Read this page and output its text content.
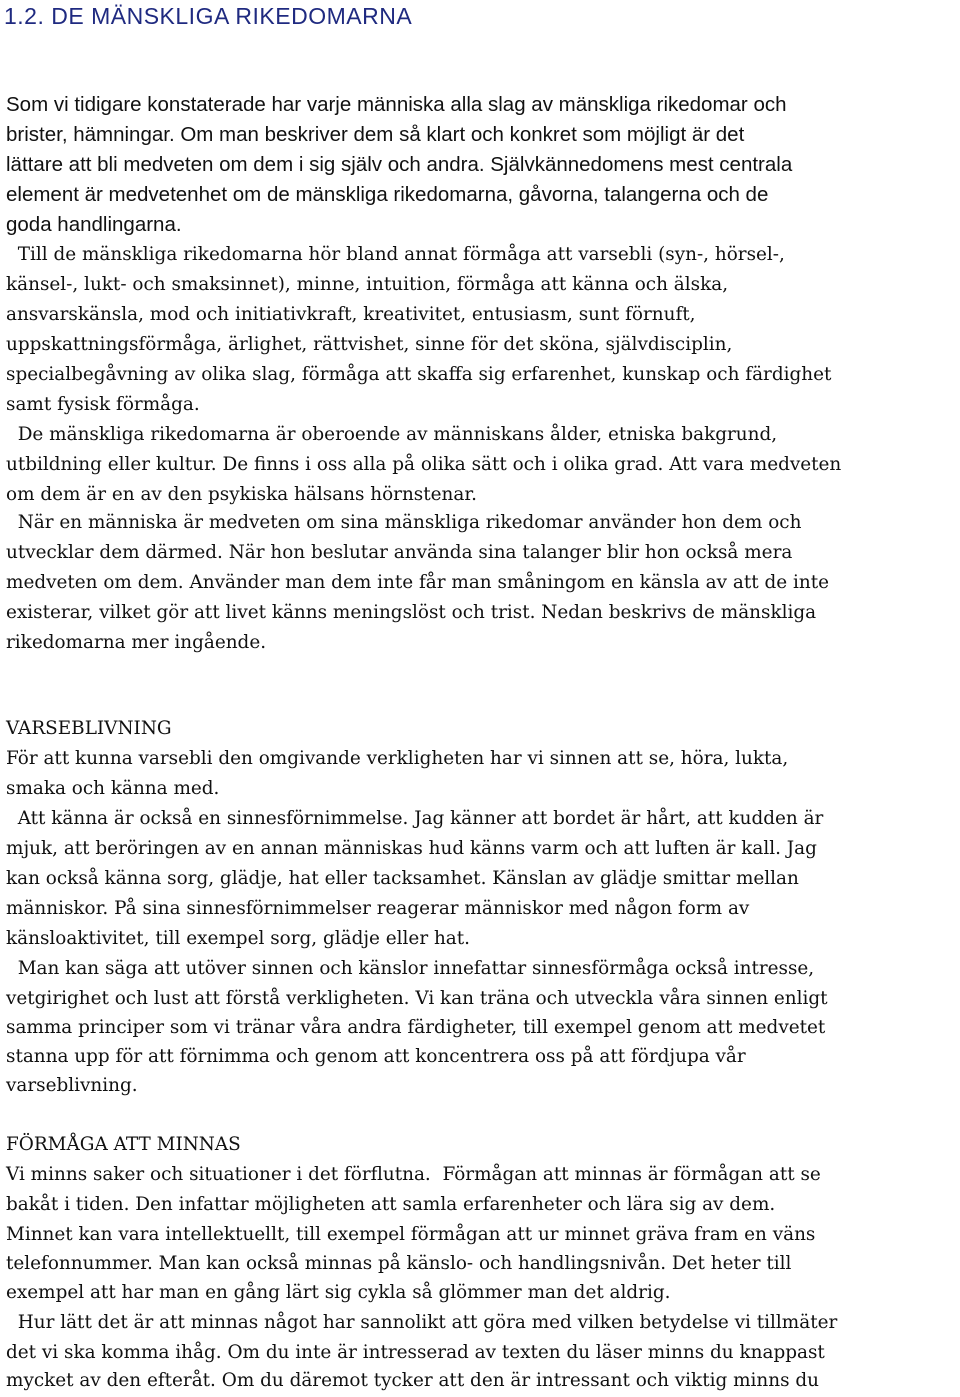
1.2. DE MÄNSKLIGA RIKEDOMARNA
Som vi tidigare konstaterade har varje människa alla slag av mänskliga rikedomar och
brister, hämningar. Om man beskriver dem så klart och konkret som möjligt är det
lättare att bli medveten om dem i sig själv och andra. Självkännedomens mest centrala
element är medvetenhet om de mänskliga rikedomarna, gåvorna, talangerna och de
goda handlingarna.
Till de mänskliga rikedomarna hör bland annat förmåga att varsebli (syn-, hörsel-,
känsel-, lukt- och smaksinnet), minne, intuition, förmåga att känna och älska,
ansvarskänsla, mod och initiativkraft, kreativitet, entusiasm, sunt förnuft,
uppskattningsförmåga, ärlighet, rättvishet, sinne för det sköna, självdisciplin,
specialbegåvning av olika slag, förmåga att skaffa sig erfarenhet, kunskap och färdighet
samt fysisk förmåga.
De mänskliga rikedomarna är oberoende av människans ålder, etniska bakgrund,
utbildning eller kultur. De finns i oss alla på olika sätt och i olika grad. Att vara medveten
om dem är en av den psykiska hälsans hörnstenar.
När en människa är medveten om sina mänskliga rikedomar använder hon dem och
utvecklar dem därmed. När hon beslutar använda sina talanger blir hon också mera
medveten om dem. Använder man dem inte får man småningom en känsla av att de inte
existerar, vilket gör att livet känns meningslöst och trist. Nedan beskrivs de mänskliga
rikedomarna mer ingående.
VARSEBLIVNING
För att kunna varsebli den omgivande verkligheten har vi sinnen att se, höra, lukta,
smaka och känna med.
Att känna är också en sinnesförnimmelse. Jag känner att bordet är hårt, att kudden är
mjuk, att beröringen av en annan människas hud känns varm och att luften är kall. Jag
kan också känna sorg, glädje, hat eller tacksamhet. Känslan av glädje smittar mellan
människor. På sina sinnesförnimmelser reagerar människor med någon form av
känsloaktivitet, till exempel sorg, glädje eller hat.
Man kan säga att utöver sinnen och känslor innefattar sinnesförmåga också intresse,
vetgirighet och lust att förstå verkligheten. Vi kan träna och utveckla våra sinnen enligt
samma principer som vi tränar våra andra färdigheter, till exempel genom att medvetet
stanna upp för att förnimma och genom att koncentrera oss på att fördjupa vår
varseblivning.
FÖRMÅGA ATT MINNAS
Vi minns saker och situationer i det förflutna.  Förmågan att minnas är förmågan att se
bakåt i tiden. Den infattar möjligheten att samla erfarenheter och lära sig av dem.
Minnet kan vara intellektuellt, till exempel förmågan att ur minnet gräva fram en väns
telefonnummer. Man kan också minnas på känslo- och handlingsnivån. Det heter till
exempel att har man en gång lärt sig cykla så glömmer man det aldrig.
Hur lätt det är att minnas något har sannolikt att göra med vilken betydelse vi tillmäter
det vi ska komma ihåg. Om du inte är intresserad av texten du läser minns du knappast
mycket av den efteråt. Om du däremot tycker att den är intressant och viktig minns du
